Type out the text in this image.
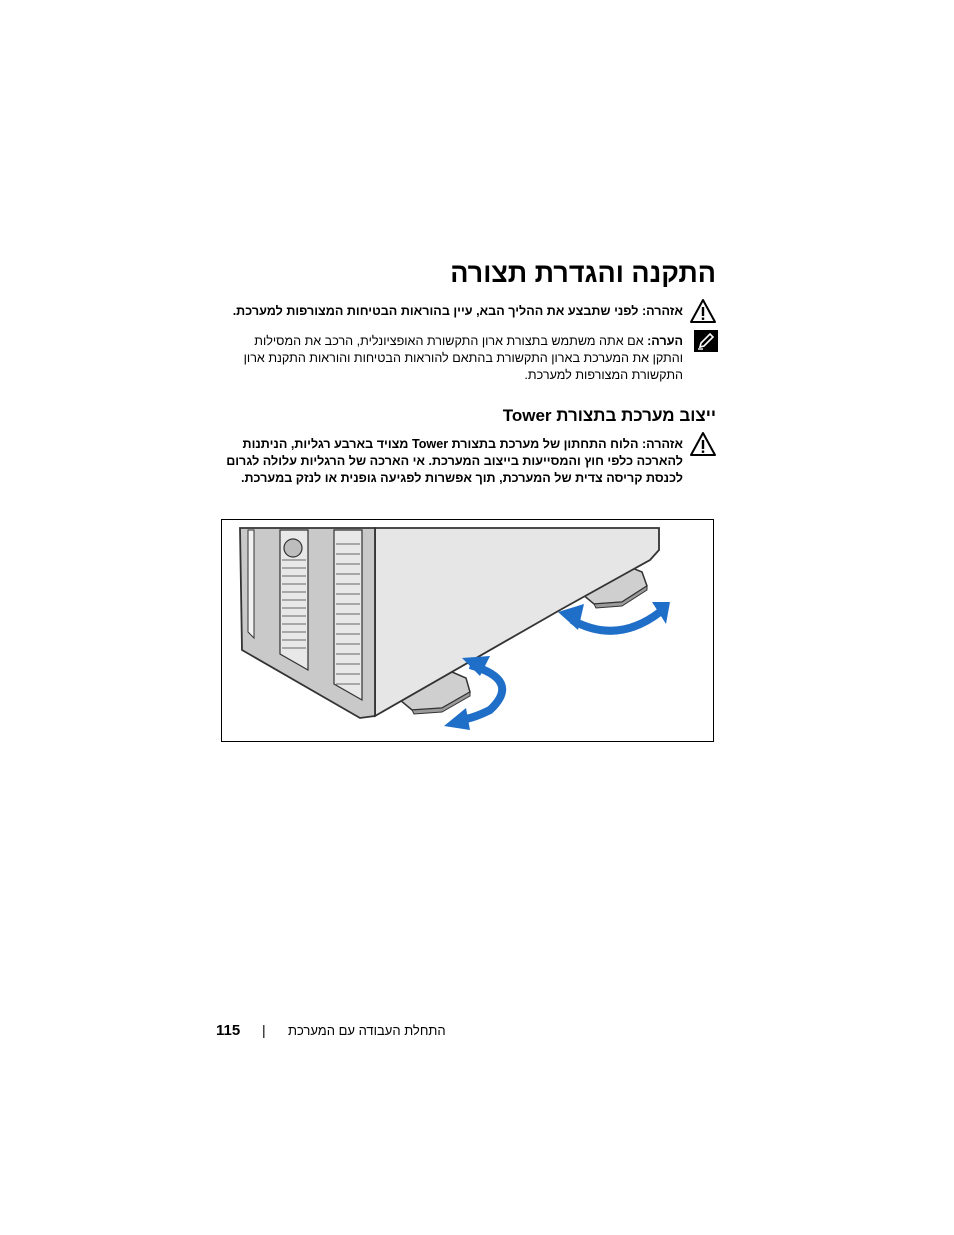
התקנה והגדרת תצורה
אזהרה: לפני שתבצע את ההליך הבא, עיין בהוראות הבטיחות המצורפות למערכת.
הערה: אם אתה משתמש בתצורת ארון התקשורת האופציונלית, הרכב את המסילות
והתקן את המערכת בארון התקשורת בהתאם להוראות הבטיחות והוראות התקנת ארון
התקשורת המצורפות למערכת.
ייצוב מערכת בתצורת Tower
אזהרה: הלוח התחתון של מערכת בתצורת Tower מצויד בארבע רגליות, הניתנות
להארכה כלפי חוץ והמסייעות בייצוב המערכת. אי הארכה של הרגליות עלולה לגרום
לכנסת קריסה צדית של המערכת, תוך אפשרות לפגיעה גופנית או לנזק במערכת.
115 | התחלת העבודה עם המערכת
